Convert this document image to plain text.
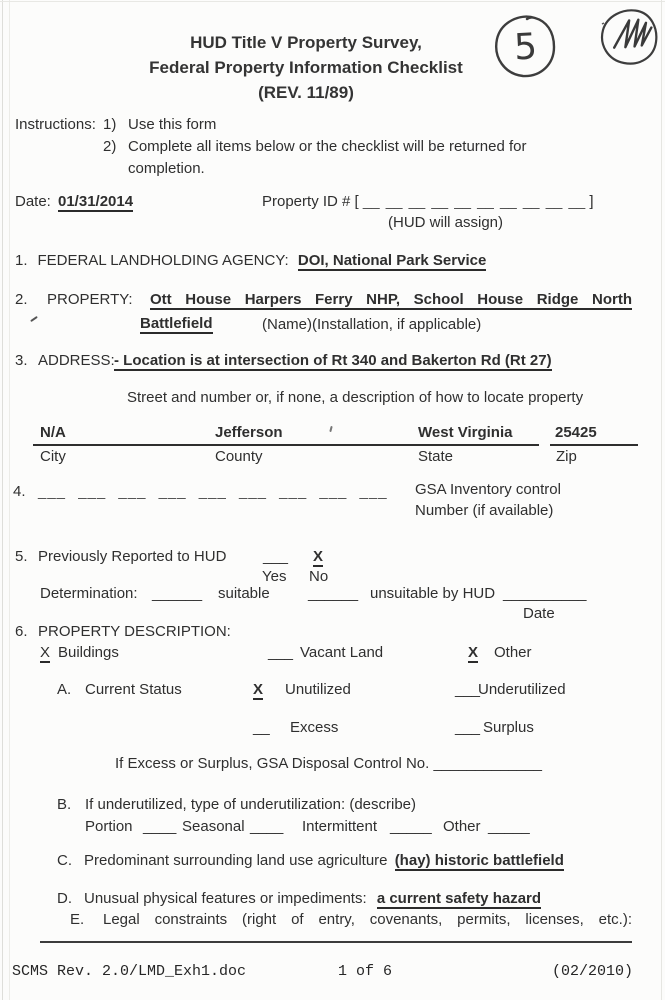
HUD Title V Property Survey,
Federal Property Information Checklist
(REV. 11/89)
5
Instructions: 1) Use this form
2) Complete all items below or the checklist will be returned for
completion.
Date: 01/31/2014	Property ID # [ __ __ __ __ __ __ __ __ __ __ ]
(HUD will assign)
1. FEDERAL LANDHOLDING AGENCY: DOI, National Park Service
2. PROPERTY: Ott House Harpers Ferry NHP, School House Ridge North
Battlefield	(Name)(Installation, if applicable)
3. ADDRESS: - Location is at intersection of Rt 340 and Bakerton Rd (Rt 27)
Street and number or, if none, a description of how to locate property
N/A	Jefferson	West Virginia	25425
City	County	State	Zip
4. ___ ___ ___ ___ ___ ___ ___ ___ ___ GSA Inventory control
Number (if available)
5. Previously Reported to HUD ___ X
Yes No
Determination: ______ suitable	______ unsuitable by HUD __________
Date
6. PROPERTY DESCRIPTION:
X Buildings	___ Vacant Land	X Other
A. Current Status	X Unutilized	___
Underutilized
__ Excess	___ Surplus
If Excess or Surplus, GSA Disposal Control No. _____________
B. If underutilized, type of underutilization: (describe)
Portion ____ Seasonal ____ Intermittent _____ Other _____
C. Predominant surrounding land use agriculture (hay) historic battlefield
D. Unusual physical features or impediments: a current safety hazard
E. Legal constraints (right of entry, covenants, permits, licenses, etc.):
SCMS Rev. 2.0/LMD_Exh1.doc	1 of 6	(02/2010)
